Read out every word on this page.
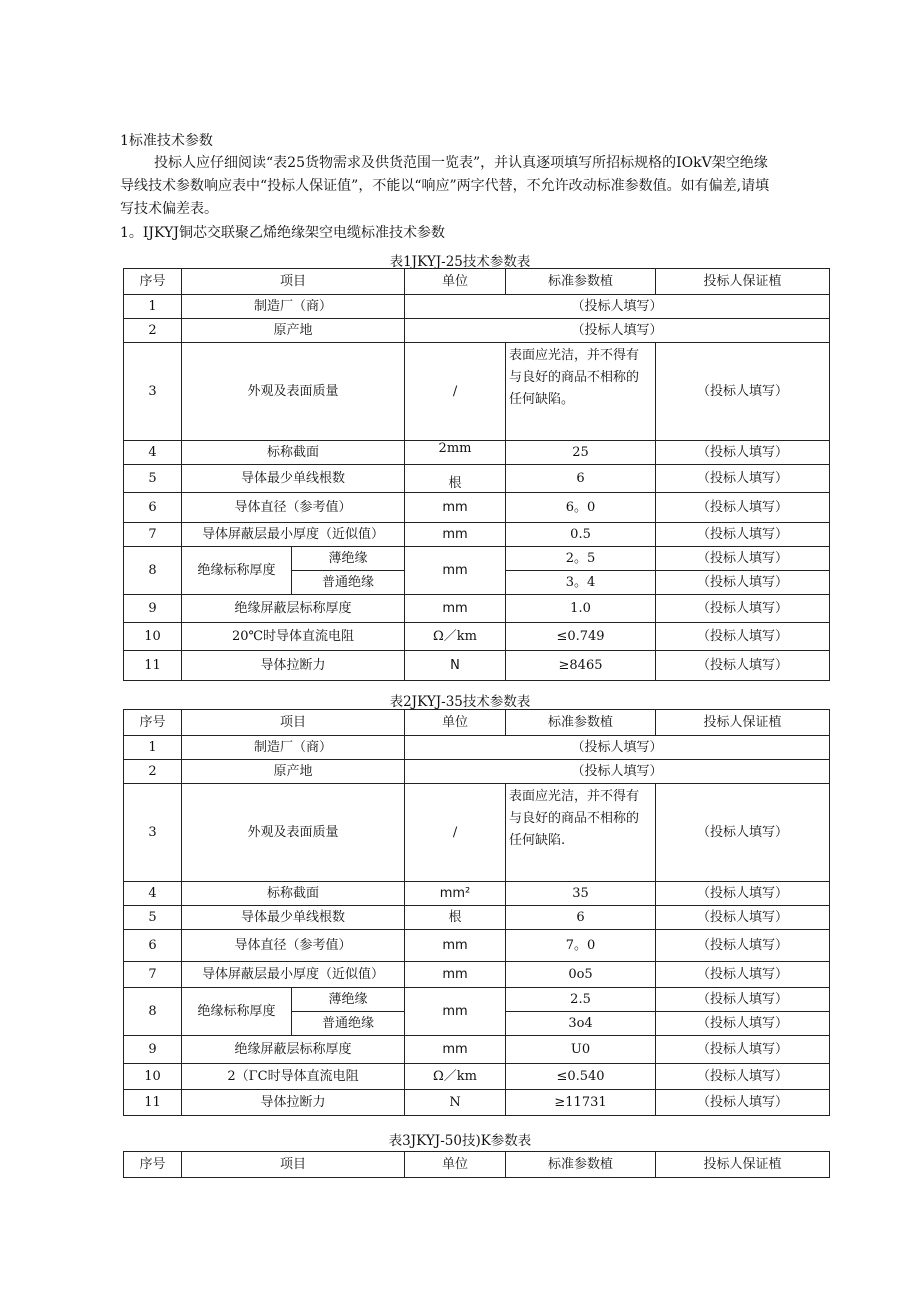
1标准技术参数
投标人应仔细阅读“表25货物需求及供货范围一览表”，并认真逐项填写所招标规格的IOkV架空绝缘
导线技术参数响应表中“投标人保证值”，不能以“响应”两字代替，不允许改动标准参数值。如有偏差,请填
写技术偏差表。
1。IJKYJ铜芯交联聚乙烯绝缘架空电缆标准技术参数
表1JKYJ-25技术参数表
序号	项目		单位	标准参数植	投标人保证植
1	制造厂（商）		（投标人填写）		
2	原产地		（投标人填写）		
3	外观及表面质量		/	表面应光洁，并不得有
与良好的商品不相称的
任何缺陷。	（投标人填写）
4	标称截面		2mm	25	（投标人填写）
5	导体最少单线根数		根	6	（投标人填写）
6	导体直径（参考值）		mm	6。0	（投标人填写）
7	导体屏蔽层最小厚度（近似值）		mm	0.5	（投标人填写）
8	绝缘标称厚度	薄绝缘	mm	2。5	（投标人填写）
		普通绝缘		3。4	（投标人填写）
9	绝缘屏蔽层标称厚度		mm	1.0	（投标人填写）
10	20℃时导体直流电阻		Ω／km	≤0.749	（投标人填写）
11	导体拉断力		N	≥8465	（投标人填写）
表2JKYJ-35技术参数表
序号	项目		单位	标准参数植	投标人保证植
1	制造厂（商）		（投标人填写）		
2	原产地		（投标人填写）		
3	外观及表面质量		/	表面应光洁，并不得有
与良好的商品不相称的
任何缺陷.	（投标人填写）
4	标称截面		mm²	35	（投标人填写）
5	导体最少单线根数		根	6	（投标人填写）
6	导体直径（参考值）		mm	7。0	（投标人填写）
7	导体屏蔽层最小厚度（近似值）		mm	0o5	（投标人填写）
8	绝缘标称厚度	薄绝缘	mm	2.5	（投标人填写）
		普通绝缘		3o4	（投标人填写）
9	绝缘屏蔽层标称厚度		mm	U0	（投标人填写）
10	2（ΓC时导体直流电阻		Ω／km	≤0.540	（投标人填写）
11	导体拉断力		N	≥11731	（投标人填写）
表3JKYJ-50技)K参数表
序号	项目	单位	标准参数植	投标人保证植
